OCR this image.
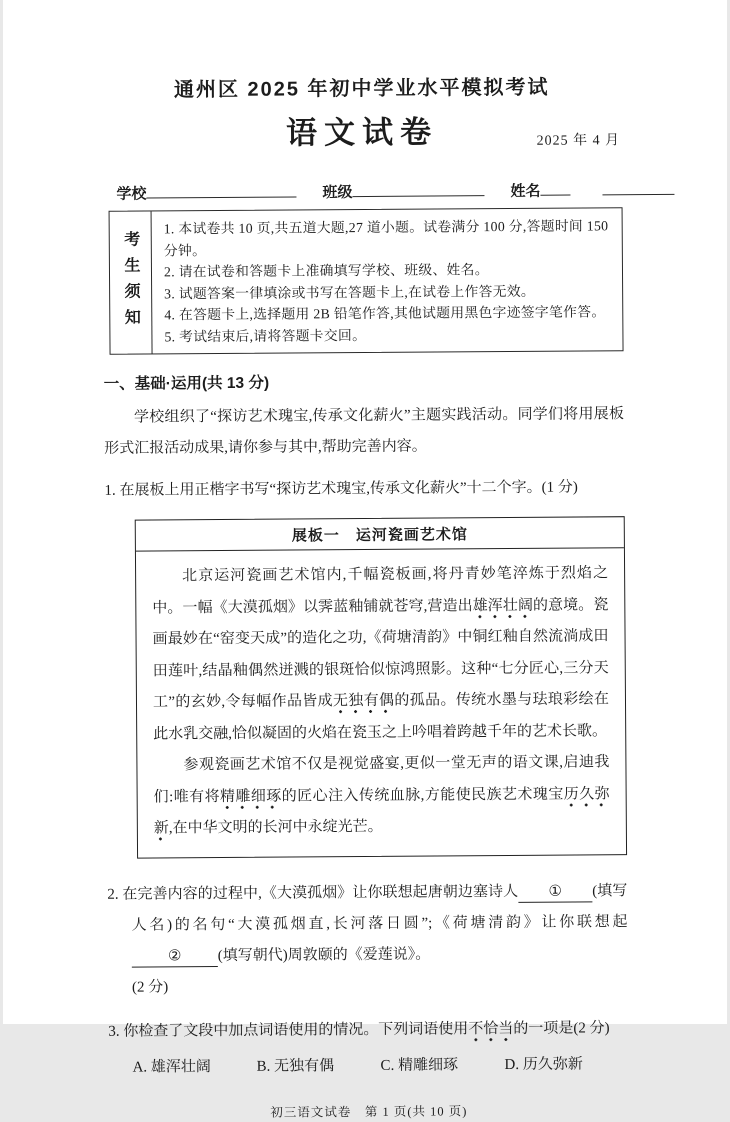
通州区 2025 年初中学业水平模拟考试
语文试卷	2025 年 4 月
学校	班级	姓名
考生须知
1. 本试卷共 10 页,共五道大题,27 道小题。试卷满分 100 分,答题时间 150 分钟。
2. 请在试卷和答题卡上准确填写学校、班级、姓名。
3. 试题答案一律填涂或书写在答题卡上,在试卷上作答无效。
4. 在答题卡上,选择题用 2B 铅笔作答,其他试题用黑色字迹签字笔作答。
5. 考试结束后,请将答题卡交回。
一、基础·运用(共 13 分)
学校组织了“探访艺术瑰宝,传承文化薪火”主题实践活动。同学们将用展板形式汇报活动成果,请你参与其中,帮助完善内容。
1. 在展板上用正楷字书写“探访艺术瑰宝,传承文化薪火”十二个字。(1 分)
展板一　运河瓷画艺术馆

北京运河瓷画艺术馆内,千幅瓷板画,将丹青妙笔淬炼于烈焰之中。一幅《大漠孤烟》以霁蓝釉铺就苍穹,营造出雄浑壮阔的意境。瓷画最妙在“窑变天成”的造化之功,《荷塘清韵》中铜红釉自然流淌成田田莲叶,结晶釉偶然迸溅的银斑恰似惊鸿照影。这种“七分匠心,三分天工”的玄妙,令每幅作品皆成无独有偶的孤品。传统水墨与珐琅彩绘在此水乳交融,恰似凝固的火焰在瓷玉之上吟唱着跨越千年的艺术长歌。

参观瓷画艺术馆不仅是视觉盛宴,更似一堂无声的语文课,启迪我们:唯有将精雕细琢的匠心注入传统血脉,方能使民族艺术瑰宝历久弥新,在中华文明的长河中永绽光芒。

2. 在完善内容的过程中,《大漠孤烟》让你联想起唐朝边塞诗人 ① (填写人名)的名句“大漠孤烟直,长河落日圆”;《荷塘清韵》让你联想起② (填写朝代)周敦颐的《爱莲说》。
(2 分)
3. 你检查了文段中加点词语使用的情况。下列词语使用不恰当的一项是(2 分)
A. 雄浑壮阔	B. 无独有偶	C. 精雕细琢	D. 历久弥新
初三语文试卷　第 1 页(共 10 页)
